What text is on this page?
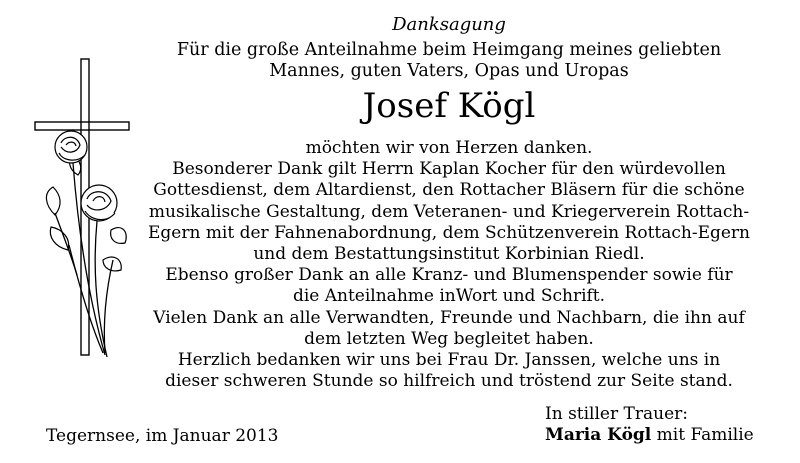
Danksagung
Für die große Anteilnahme beim Heimgang meines geliebten
Mannes, guten Vaters, Opas und Uropas
Josef Kögl

möchten wir von Herzen danken.

Besonderer Dank gilt Herrn Kaplan Kocher für den würdevollen

Gottesdienst, dem Altardienst, den Rottacher Bläsern für die schöne

musikalische Gestaltung, dem Veteranen- und Kriegerverein Rottach-

Egern mit der Fahnenabordnung, dem Schützenverein Rottach-Egern

und dem Bestattungsinstitut Korbinian Riedl.

Ebenso großer Dank an alle Kranz- und Blumenspender sowie für

die Anteilnahme inWort und Schrift.

Vielen Dank an alle Verwandten, Freunde und Nachbarn, die ihn auf

dem letzten Weg begleitet haben.

Herzlich bedanken wir uns bei Frau Dr. Janssen, welche uns in

dieser schweren Stunde so hilfreich und tröstend zur Seite stand.

Tegernsee, im Januar 2013
In stiller Trauer:
Maria Kögl mit Familie
